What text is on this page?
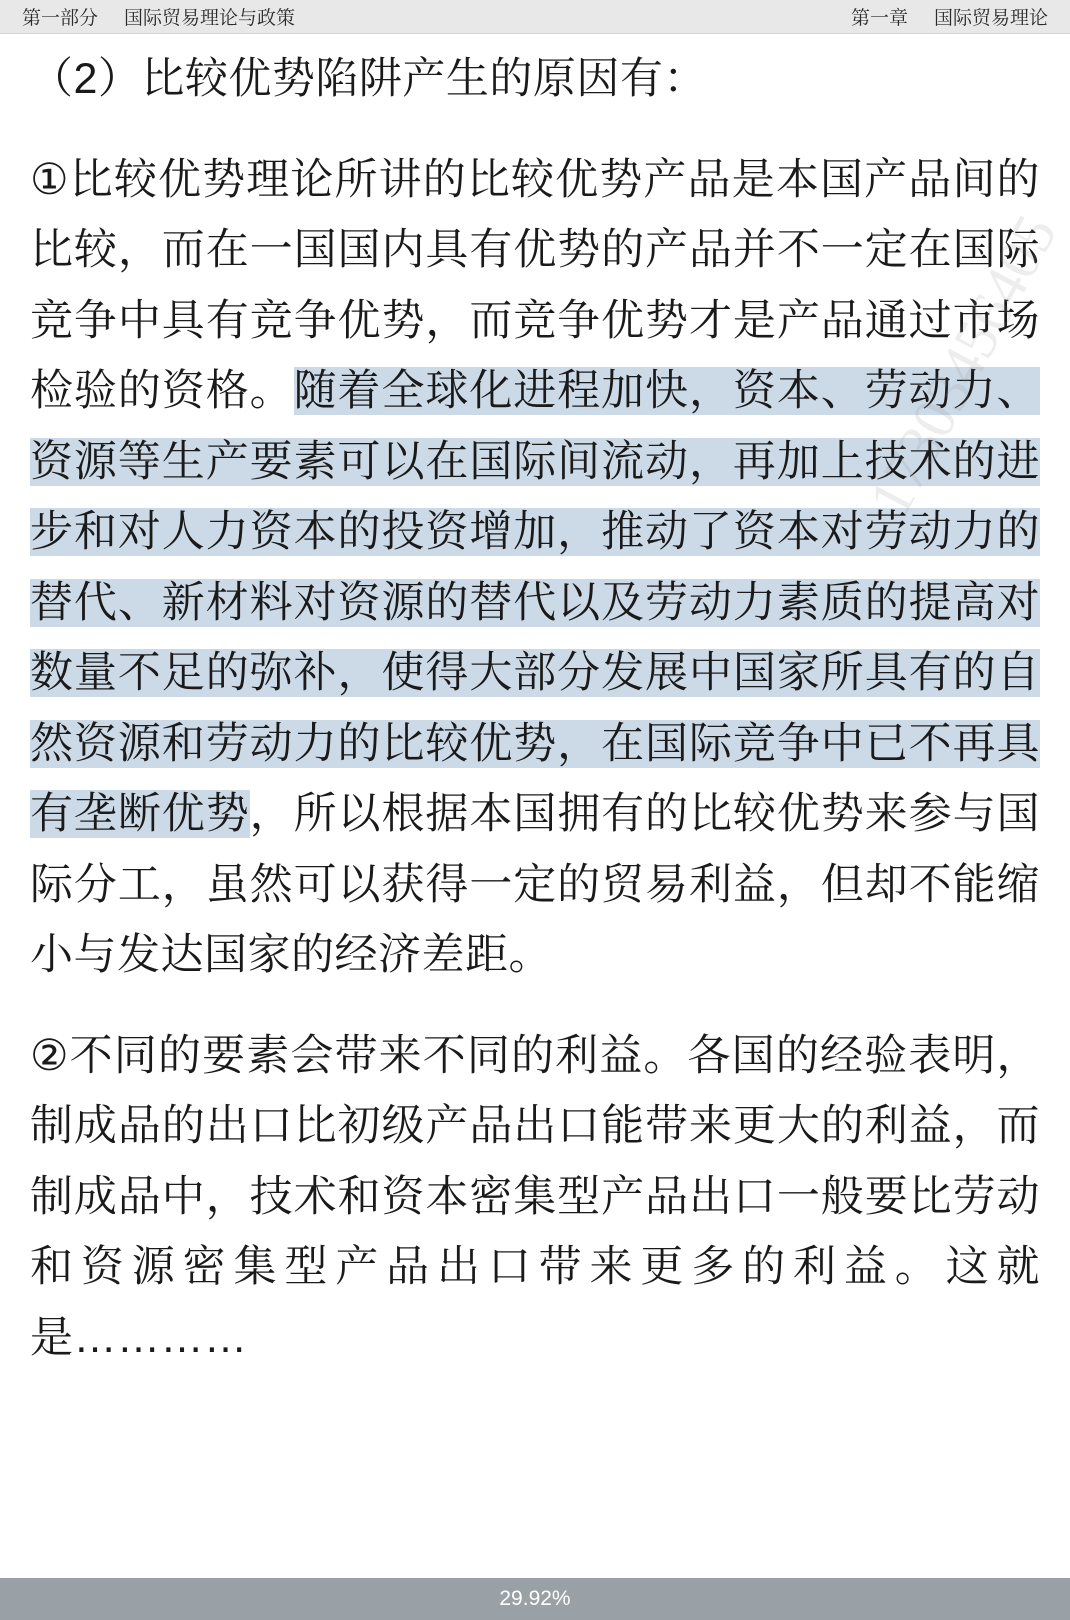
第一部分 国际贸易理论与政策	第一章 国际贸易理论
17303456405

（2）比较优势陷阱产生的原因有：

①比较优势理论所讲的比较优势产品是本国产品间的比较，而在一国国内具有优势的产品并不一定在国际竞争中具有竞争优势，而竞争优势才是产品通过市场检验的资格。随着全球化进程加快，资本、劳动力、资源等生产要素可以在国际间流动，再加上技术的进步和对人力资本的投资增加，推动了资本对劳动力的替代、新材料对资源的替代以及劳动力素质的提高对数量不足的弥补，使得大部分发展中国家所具有的自然资源和劳动力的比较优势，在国际竞争中已不再具有垄断优势，所以根据本国拥有的比较优势来参与国际分工，虽然可以获得一定的贸易利益，但却不能缩小与发达国家的经济差距。

②不同的要素会带来不同的利益。各国的经验表明，制成品的出口比初级产品出口能带来更大的利益，而制成品中，技术和资本密集型产品出口一般要比劳动和资源密集型产品出口带来更多的利益。这就是…………

29.92%
